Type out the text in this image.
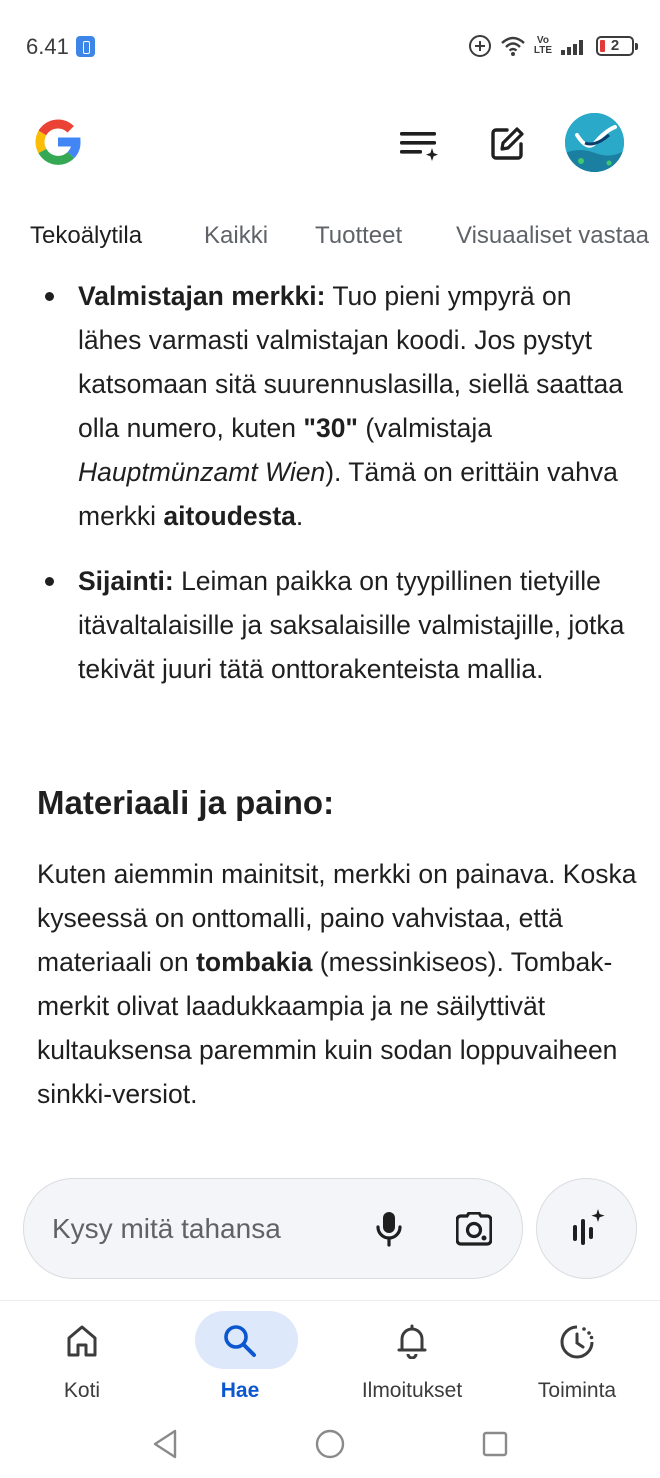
6.41	Vo
LTE	2
Tekoälytila	Kaikki Tuotteet Visuaaliset vastaa
Valmistajan merkki: Tuo pieni ympyrä on lähes varmasti valmistajan koodi. Jos pystyt katsomaan sitä suurennuslasilla, siellä saattaa olla numero, kuten "30" (valmistaja Hauptmünzamt Wien). Tämä on erittäin vahva merkki aitoudesta.
Sijainti: Leiman paikka on tyypillinen tietyille itävaltalaisille ja saksalaisille valmistajille, jotka tekivät juuri tätä onttorakenteista mallia.
Materiaali ja paino:

Kuten aiemmin mainitsit, merkki on painava. Koska kyseessä on onttomalli, paino vahvistaa, että materiaali on tombakia (messinkiseos). Tombak-merkit olivat laadukkaampia ja ne säilyttivät kultauksensa paremmin kuin sodan loppuvaiheen sinkki-versiot.

Kysy mitä tahansa
Koti	Hae	Ilmoitukset	Toiminta
